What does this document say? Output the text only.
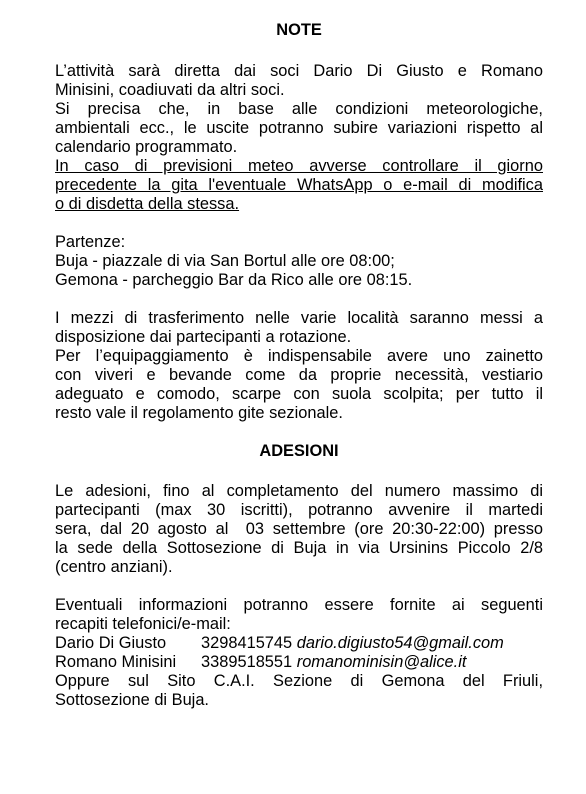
NOTE
L’attività sarà diretta dai soci Dario Di Giusto e Romano
Minisini, coadiuvati da altri soci.
Si precisa che, in base alle condizioni meteorologiche,
ambientali ecc., le uscite potranno subire variazioni rispetto al
calendario programmato.
In caso di previsioni meteo avverse controllare il giorno
precedente la gita l'eventuale WhatsApp o e-mail di modifica
o di disdetta della stessa.
Partenze:
Buja - piazzale di via San Bortul alle ore 08:00;
Gemona - parcheggio Bar da Rico alle ore 08:15.
I mezzi di trasferimento nelle varie località saranno messi a
disposizione dai partecipanti a rotazione.
Per l’equipaggiamento è indispensabile avere uno zainetto
con viveri e bevande come da proprie necessità, vestiario
adeguato e comodo, scarpe con suola scolpita; per tutto il
resto vale il regolamento gite sezionale.
ADESIONI
Le adesioni, fino al completamento del numero massimo di
partecipanti (max 30 iscritti), potranno avvenire il martedi
sera, dal 20 agosto al  03 settembre (ore 20:30-22:00) presso
la sede della Sottosezione di Buja in via Ursinins Piccolo 2/8
(centro anziani).
Eventuali informazioni potranno essere fornite ai seguenti
recapiti telefonici/e-mail:
Dario Di Giusto 3298415745 dario.digiusto54@gmail.com
Romano Minisini 3389518551 romanominisin@alice.it
Oppure sul Sito C.A.I. Sezione di Gemona del Friuli,
Sottosezione di Buja.
